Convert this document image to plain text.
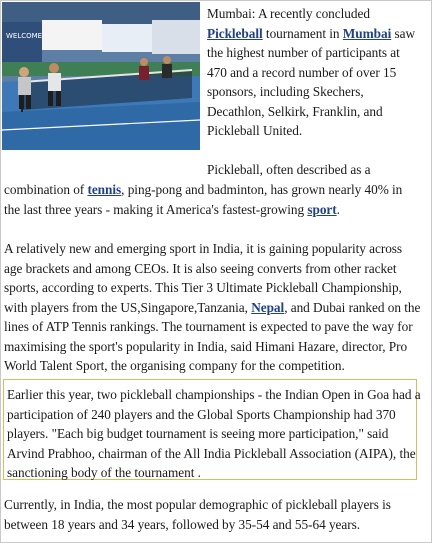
WELCOME
Mumbai: A recently concluded
Pickleball tournament in Mumbai saw
the highest number of participants at
470 and a record number of over 15
sponsors, including Skechers,
Decathlon, Selkirk, Franklin, and
Pickleball United.
Pickleball, often described as a
combination of tennis, ping-pong and badminton, has grown nearly 40% in
the last three years - making it America's fastest-growing sport.
A relatively new and emerging sport in India, it is gaining popularity across
age brackets and among CEOs. It is also seeing converts from other racket
sports, according to experts. This Tier 3 Ultimate Pickleball Championship,
with players from the US,Singapore,Tanzania, Nepal, and Dubai ranked on the
lines of ATP Tennis rankings. The tournament is expected to pave the way for
maximising the sport's popularity in India, said Himani Hazare, director, Pro
World Talent Sport, the organising company for the competition.
Earlier this year, two pickleball championships - the Indian Open in Goa had a
participation of 240 players and the Global Sports Championship had 370
players. "Each big budget tournament is seeing more participation," said
Arvind Prabhoo, chairman of the All India Pickleball Association (AIPA), the
sanctioning body of the tournament .
Currently, in India, the most popular demographic of pickleball players is
between 18 years and 34 years, followed by 35-54 and 55-64 years.
